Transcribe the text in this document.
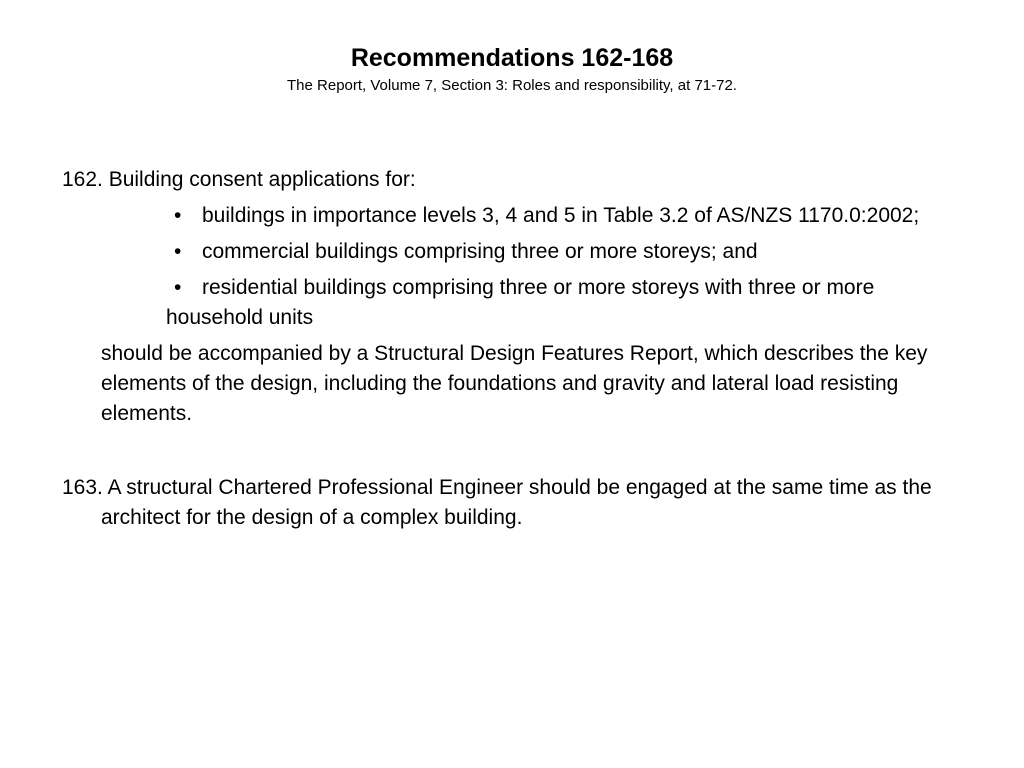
Recommendations 162-168
The Report, Volume 7, Section 3: Roles and responsibility, at 71-72.

162. Building consent applications for:

• buildings in importance levels 3, 4 and 5 in Table 3.2 of AS/NZS 1170.0:2002;
• commercial buildings comprising three or more storeys; and
• residential buildings comprising three or more storeys with three or more household units

should be accompanied by a Structural Design Features Report, which describes the key elements of the design, including the foundations and gravity and lateral load resisting elements.

163. A structural Chartered Professional Engineer should be engaged at the same time as the architect for the design of a complex building.
